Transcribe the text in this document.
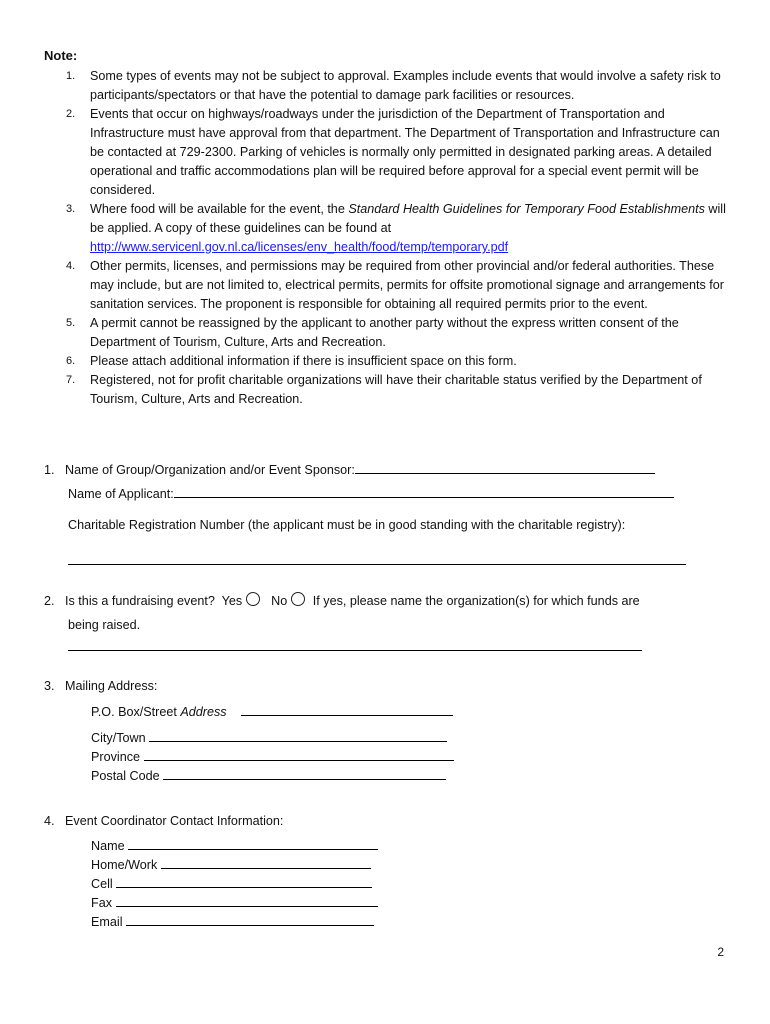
Note:
1. Some types of events may not be subject to approval. Examples include events that would involve a safety risk to participants/spectators or that have the potential to damage park facilities or resources.
2. Events that occur on highways/roadways under the jurisdiction of the Department of Transportation and Infrastructure must have approval from that department. The Department of Transportation and Infrastructure can be contacted at 729-2300. Parking of vehicles is normally only permitted in designated parking areas. A detailed operational and traffic accommodations plan will be required before approval for a special event permit will be considered.
3. Where food will be available for the event, the Standard Health Guidelines for Temporary Food Establishments will be applied. A copy of these guidelines can be found at http://www.servicenl.gov.nl.ca/licenses/env_health/food/temp/temporary.pdf
4. Other permits, licenses, and permissions may be required from other provincial and/or federal authorities. These may include, but are not limited to, electrical permits, permits for offsite promotional signage and arrangements for sanitation services. The proponent is responsible for obtaining all required permits prior to the event.
5. A permit cannot be reassigned by the applicant to another party without the express written consent of the Department of Tourism, Culture, Arts and Recreation.
6. Please attach additional information if there is insufficient space on this form.
7. Registered, not for profit charitable organizations will have their charitable status verified by the Department of Tourism, Culture, Arts and Recreation.
1. Name of Group/Organization and/or Event Sponsor:
Name of Applicant:
Charitable Registration Number (the applicant must be in good standing with the charitable registry):
2. Is this a fundraising event? Yes No If yes, please name the organization(s) for which funds are
being raised.
3. Mailing Address:
P.O. Box/Street Address
City/Town
Province
Postal Code
4. Event Coordinator Contact Information:
Name
Home/Work
Cell
Fax
Email
2
